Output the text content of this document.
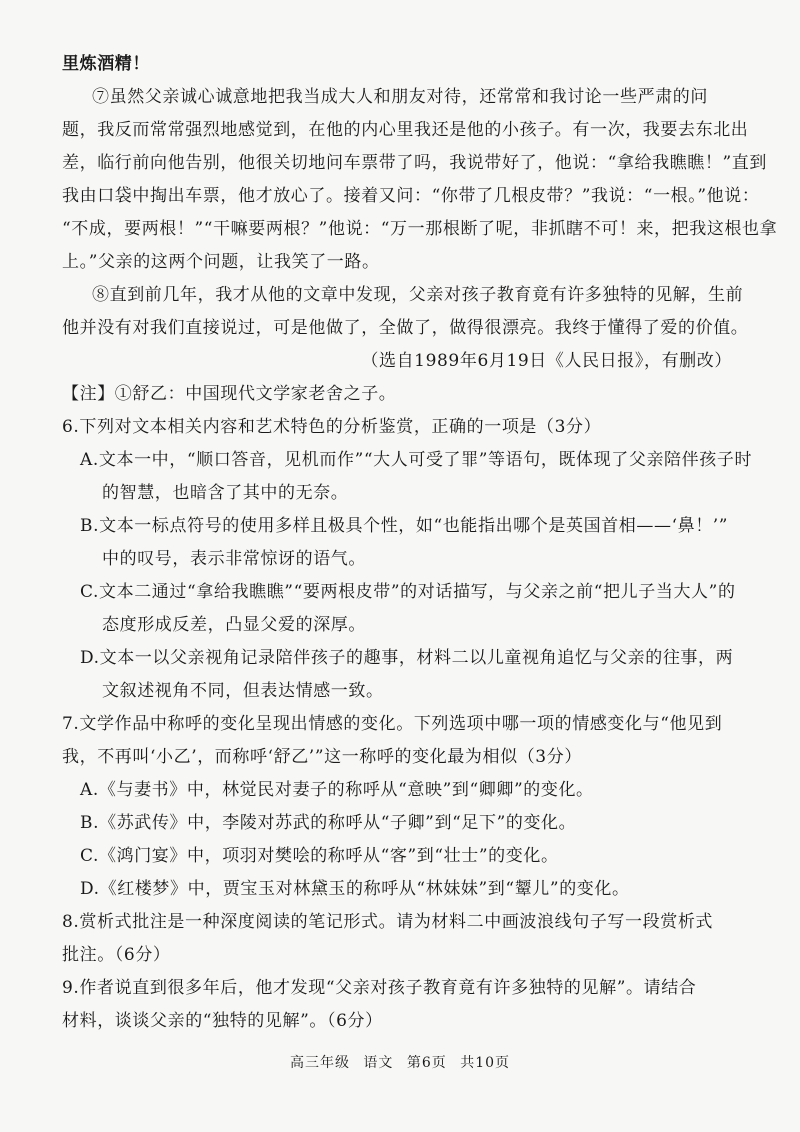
里炼酒精！

⑦虽然父亲诚心诚意地把我当成大人和朋友对待，还常常和我讨论一些严肃的问

题，我反而常常强烈地感觉到，在他的内心里我还是他的小孩子。有一次，我要去东北出

差，临行前向他告别，他很关切地问车票带了吗，我说带好了，他说：“拿给我瞧瞧！”直到

我由口袋中掏出车票，他才放心了。接着又问：“你带了几根皮带？”我说：“一根。”他说：

“不成，要两根！”“干嘛要两根？”他说：“万一那根断了呢，非抓瞎不可！来，把我这根也拿

上。”父亲的这两个问题，让我笑了一路。

⑧直到前几年，我才从他的文章中发现，父亲对孩子教育竟有许多独特的见解，生前

他并没有对我们直接说过，可是他做了，全做了，做得很漂亮。我终于懂得了爱的价值。

（选自1989年6月19日《人民日报》，有删改）

【注】①舒乙：中国现代文学家老舍之子。

6.下列对文本相关内容和艺术特色的分析鉴赏，正确的一项是（3分）

A.文本一中，“顺口答音，见机而作”“大人可受了罪”等语句，既体现了父亲陪伴孩子时

的智慧，也暗含了其中的无奈。

B.文本一标点符号的使用多样且极具个性，如“也能指出哪个是英国首相——‘鼻！’”

中的叹号，表示非常惊讶的语气。

C.文本二通过“拿给我瞧瞧”“要两根皮带”的对话描写，与父亲之前“把儿子当大人”的

态度形成反差，凸显父爱的深厚。

D.文本一以父亲视角记录陪伴孩子的趣事，材料二以儿童视角追忆与父亲的往事，两

文叙述视角不同，但表达情感一致。

7.文学作品中称呼的变化呈现出情感的变化。下列选项中哪一项的情感变化与“他见到

我，不再叫‘小乙’，而称呼‘舒乙’”这一称呼的变化最为相似（3分）

A.《与妻书》中，林觉民对妻子的称呼从“意映”到“卿卿”的变化。

B.《苏武传》中，李陵对苏武的称呼从“子卿”到“足下”的变化。

C.《鸿门宴》中，项羽对樊哙的称呼从“客”到“壮士”的变化。

D.《红楼梦》中，贾宝玉对林黛玉的称呼从“林妹妹”到“颦儿”的变化。

8.赏析式批注是一种深度阅读的笔记形式。请为材料二中画波浪线句子写一段赏析式

批注。（6分）

9.作者说直到很多年后，他才发现“父亲对孩子教育竟有许多独特的见解”。请结合

材料，谈谈父亲的“独特的见解”。（6分）

高三年级 语文 第6页 共10页
